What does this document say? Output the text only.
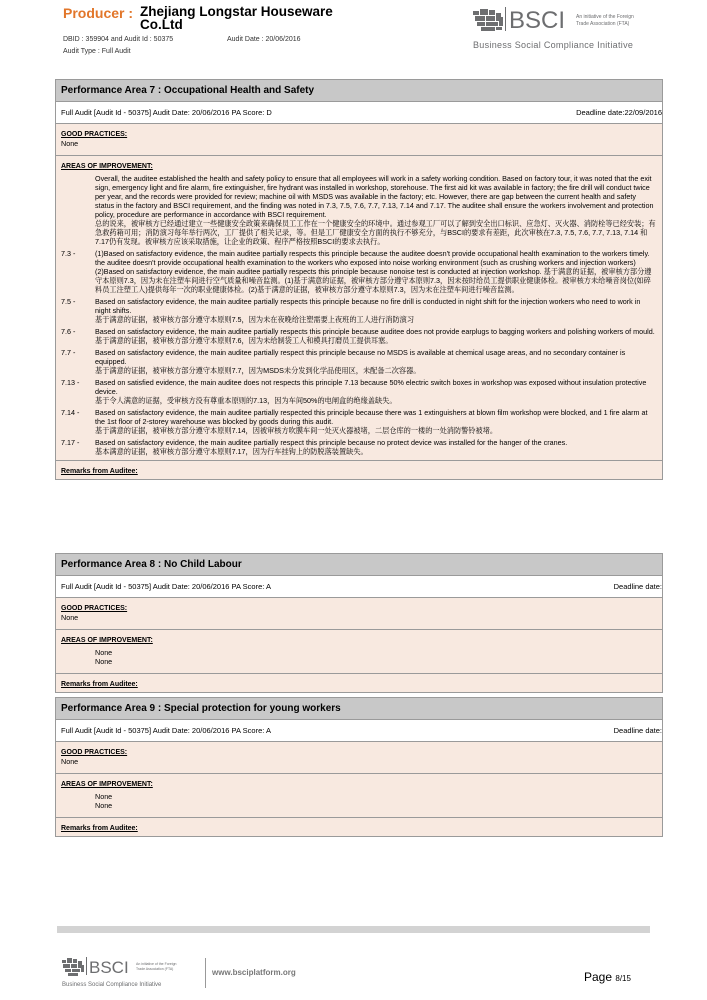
Producer : Zhejiang Longstar Houseware Co.Ltd
DBID : 359904 and Audit Id : 50375	Audit Date : 20/06/2016
Audit Type : Full Audit
BSCI An initiative of the Foreign
Trade Association (FTA)
Business Social Compliance Initiative
Performance Area 7 : Occupational Health and Safety
Full Audit [Audit Id - 50375] Audit Date: 20/06/2016 PA Score: D	Deadline date:22/09/2016
GOOD PRACTICES:
None
AREAS OF IMPROVEMENT:
Overall, the auditee established the health and safety policy to ensure that all employees will work in a safety working condition. Based on factory tour, it was noted that the exit sign, emergency light and fire alarm, fire extinguisher, fire hydrant was installed in workshop, storehouse. The first aid kit was available in factory; the fire drill will conduct twice per year, and the records were provided for review; machine oil with MSDS was available in the factory; etc. However, there are gap between the current health and safety status in the factory and BSCI requirement, and the finding was noted in 7.3, 7.5, 7.6, 7.7, 7.13, 7.14 and 7.17. The auditee shall ensure the workers involvement and protection policy, procedure are performance in accordance with BSCI requirement.
总的说来，被审核方已经通过建立一些健康安全政策来确保员工工作在一个健康安全的环境中。通过参观工厂可以了解到安全出口标识、应急灯、灭火器、消防栓等已经安装；有急救药箱可用；消防演习每年举行两次，工厂提供了相关记录，等。但是工厂健康安全方面的执行不够充分，与BSCI的要求有差距，此次审核在7.3, 7.5, 7.6, 7.7, 7.13, 7.14 和 7.17仍有发现。被审核方应该采取措施，让企业的政策、程序严格按照BSCI的要求去执行。
7.3 -	(1)Based on satisfactory evidence, the main auditee partially respects this principle because the auditee doesn't provide occupational health examination to the workers timely. the auditee doesn't provide occupational health examination to the workers who exposed into noise working environment (such as crushing workers and injection workers) (2)Based on satisfactory evidence, the main auditee partially respects this principle because nonoise test is conducted at injection workshop. 基于满意的证据，被审核方部分遵守本原则7.3，因为未在注塑车间进行空气质量和噪音监测。(1)基于满意的证据，被审核方部分遵守本原则7.3，因未按时给员工提供职业健康体检。被审核方未给噪音岗位(如碎料员工注塑工人)提供每年一次的职业健康体检。(2)基于满意的证据，被审核方部分遵守本原则7.3，因为未在注塑车间进行噪音监测。
7.5 -	Based on satisfactory evidence, the main auditee partially respects this principle because no fire drill is conducted in night shift for the injection workers who need to work in night shifts.
基于满意的证据，被审核方部分遵守本原则7.5，因为未在夜晚给注塑需要上夜班的工人进行消防演习
7.6 -	Based on satisfactory evidence, the main auditee partially respects this principle because auditee does not provide earplugs to bagging workers and polishing workers of mould.
基于满意的证据，被审核方部分遵守本原则7.6，因为未给制袋工人和模具打磨员工提供耳塞。
7.7 -	Based on satisfactory evidence, the main auditee partially respect this principle because no MSDS is available at chemical usage areas, and no secondary container is equipped.
基于满意的证据，被审核方部分遵守本原则7.7，因为MSDS未分发到化学品使用区，未配备二次容器。
7.13 -	Based on satisfied evidence, the main auditee does not respects this principle 7.13 because 50% electric switch boxes in workshop was exposed without insulation protective device.
基于令人满意的证据，受审核方没有尊重本原则的7.13，因为车间50%的电闸盒的绝缘盖缺失。
7.14 -	Based on satisfactory evidence, the main auditee partially respected this principle because there was 1 extinguishers at blown film workshop were blocked, and 1 fire alarm at the 1st floor of 2-storey warehouse was blocked by goods during this audit.
基于满意的证据，被审核方部分遵守本原则7.14，因被审核方吹膜车间一处灭火器被堵，二层仓库的一楼的一处消防警铃被堵。
7.17 -	Based on satisfactory evidence, the main auditee partially respect this principle because no protect device was installed for the hanger of the cranes.
基本满意的证据，被审核方部分遵守本原则7.17，因为行车挂钩上的防脱落装置缺失。
Remarks from Auditee:
Performance Area 8 : No Child Labour
Full Audit [Audit Id - 50375] Audit Date: 20/06/2016 PA Score: A	Deadline date:
GOOD PRACTICES:
None
AREAS OF IMPROVEMENT:
None
None
Remarks from Auditee:
Performance Area 9 : Special protection for young workers
Full Audit [Audit Id - 50375] Audit Date: 20/06/2016 PA Score: A	Deadline date:
GOOD PRACTICES:
None
AREAS OF IMPROVEMENT:
None
None
Remarks from Auditee:
BSCI An initiative of the Foreign
Trade Association (FTA)
Business Social Compliance Initiative
www.bsciplatform.org	Page 8/15
